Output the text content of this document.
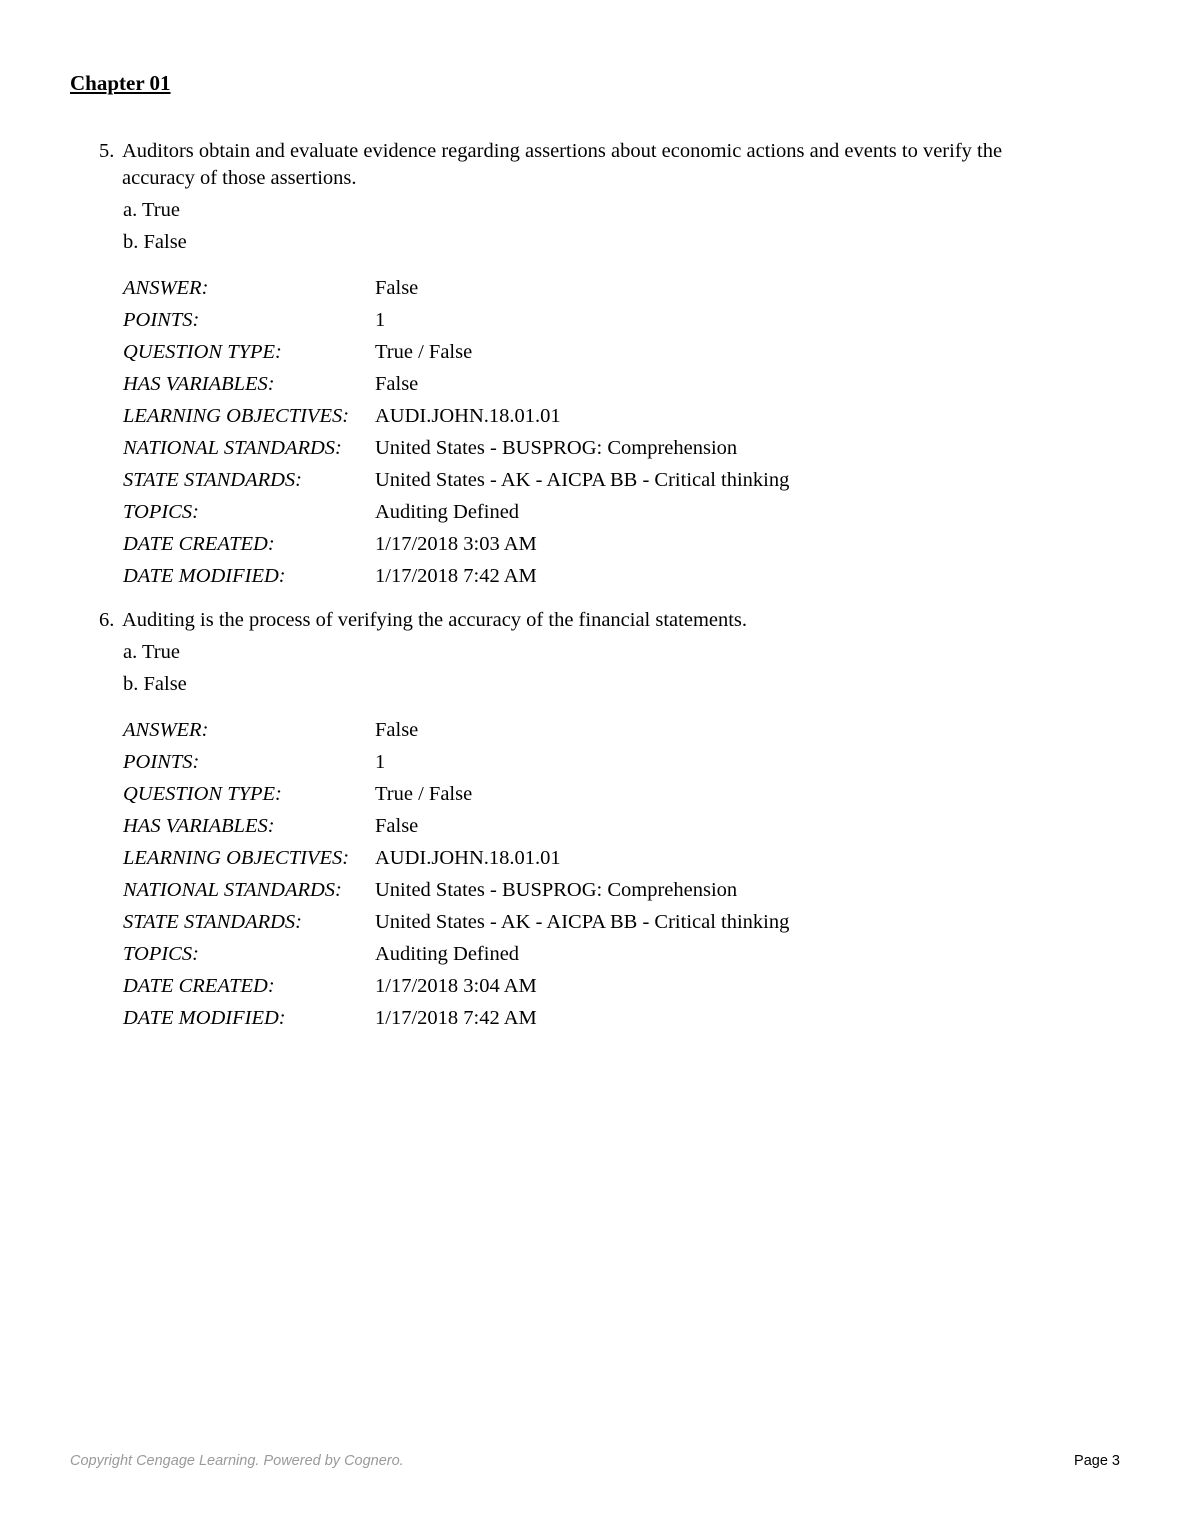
Chapter 01
5. Auditors obtain and evaluate evidence regarding assertions about economic actions and events to verify the accuracy of those assertions.
a. True
b. False
ANSWER:	False
POINTS:	1
QUESTION TYPE:	True / False
HAS VARIABLES:	False
LEARNING OBJECTIVES:	AUDI.JOHN.18.01.01
NATIONAL STANDARDS:	United States - BUSPROG: Comprehension
STATE STANDARDS:	United States - AK - AICPA BB - Critical thinking
TOPICS:	Auditing Defined
DATE CREATED:	1/17/2018 3:03 AM
DATE MODIFIED:	1/17/2018 7:42 AM
6. Auditing is the process of verifying the accuracy of the financial statements.
a. True
b. False
ANSWER:	False
POINTS:	1
QUESTION TYPE:	True / False
HAS VARIABLES:	False
LEARNING OBJECTIVES:	AUDI.JOHN.18.01.01
NATIONAL STANDARDS:	United States - BUSPROG: Comprehension
STATE STANDARDS:	United States - AK - AICPA BB - Critical thinking
TOPICS:	Auditing Defined
DATE CREATED:	1/17/2018 3:04 AM
DATE MODIFIED:	1/17/2018 7:42 AM
Copyright Cengage Learning. Powered by Cognero.	Page 3
